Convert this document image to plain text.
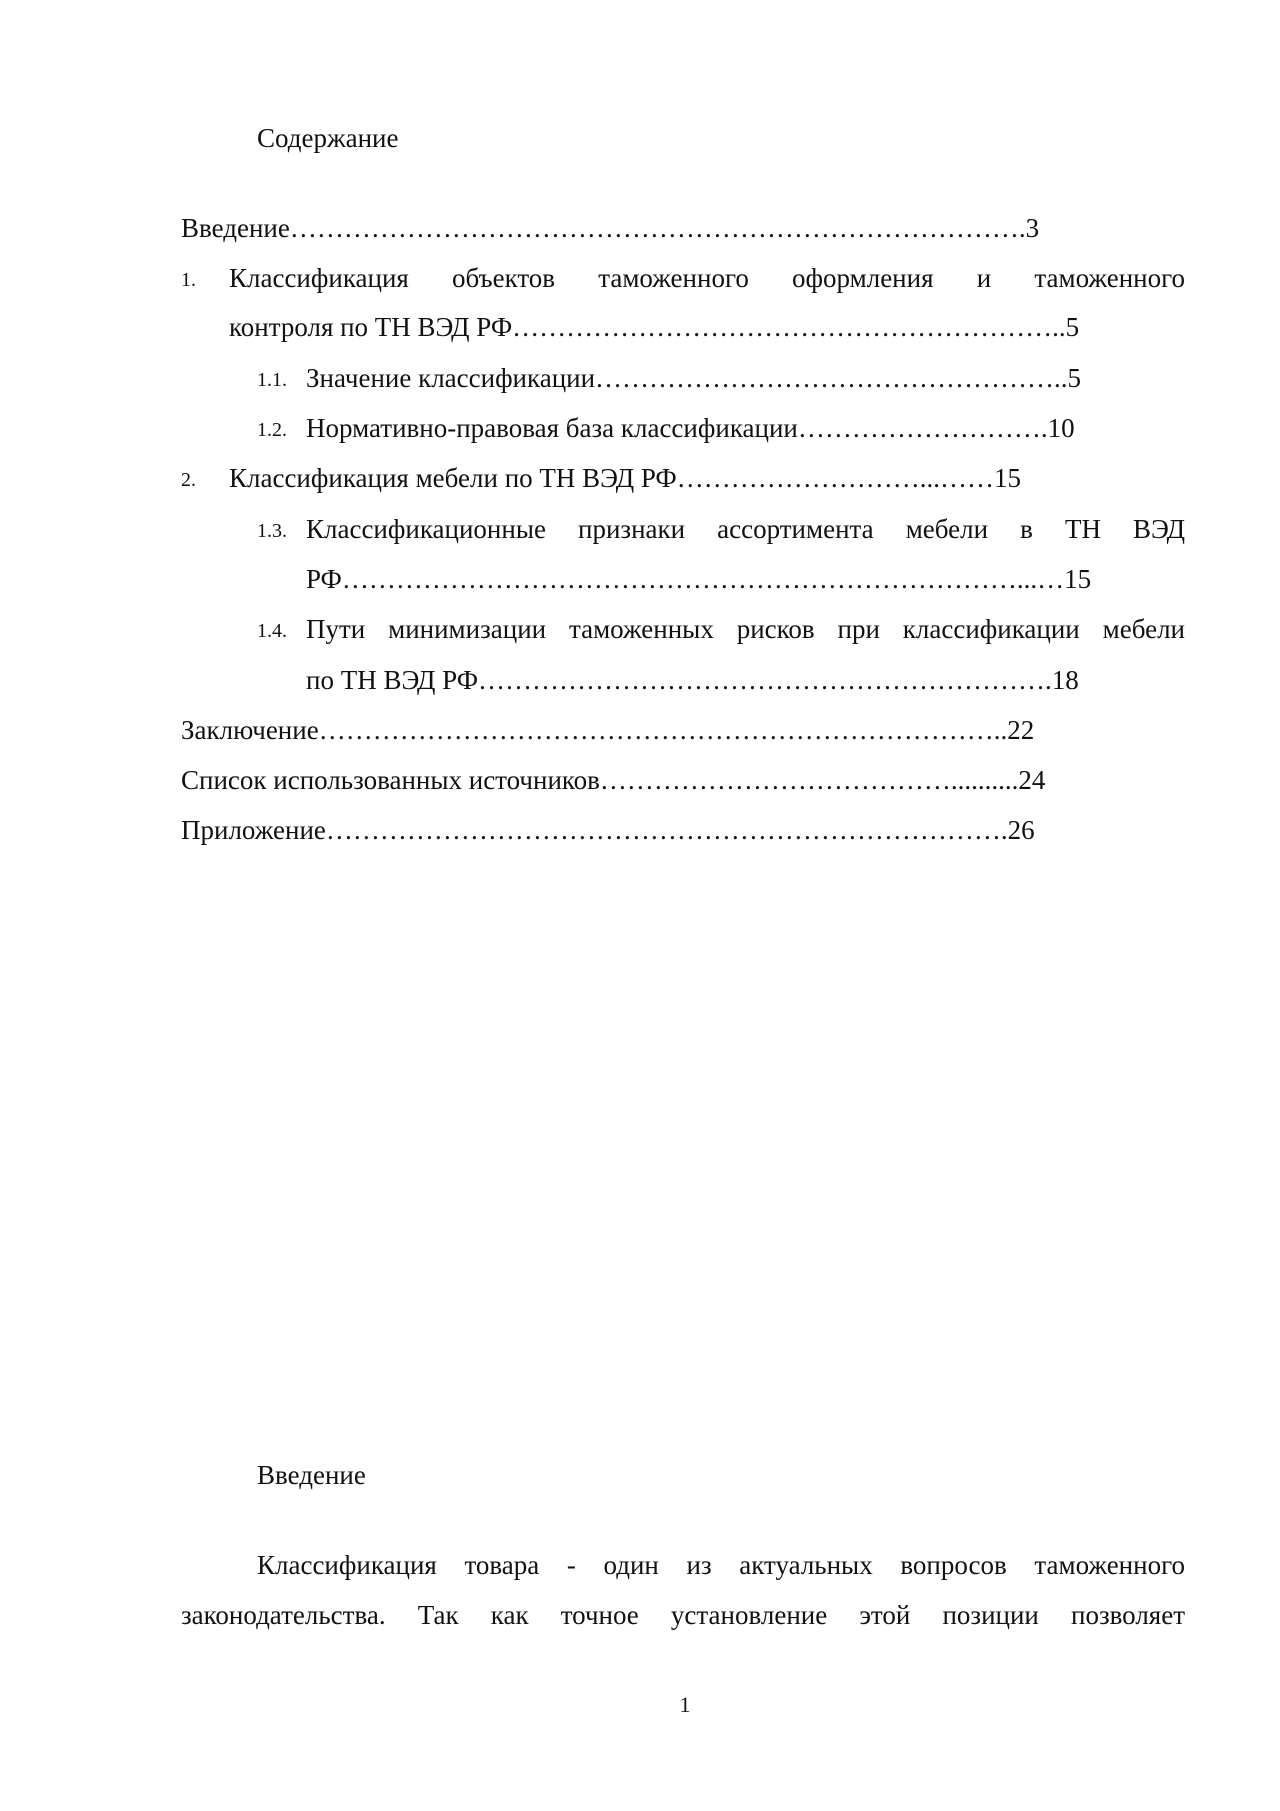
Содержание
Введение……………………………………………………………………….3
1. Классификация объектов таможенного оформления и таможенного
контроля по ТН ВЭД РФ……………………………………………………..5
1.1. Значение классификации……………………………………………..5
1.2. Нормативно-правовая база классификации……………………….10
2. Классификация мебели по ТН ВЭД РФ………………………...……15
1.3. Классификационные признаки ассортимента мебели в ТН ВЭД
РФ…………………………………………………………………...…15
1.4. Пути минимизации таможенных рисков при классификации мебели
по ТН ВЭД РФ……………………………………………………….18
Заключение…………………………………………………………………..22
Список использованных источников…………………………………..........24
Приложение………………………………………………………………….26
Введение
Классификация товара - один из актуальных вопросов таможенного
законодательства. Так как точное установление этой позиции позволяет
1
